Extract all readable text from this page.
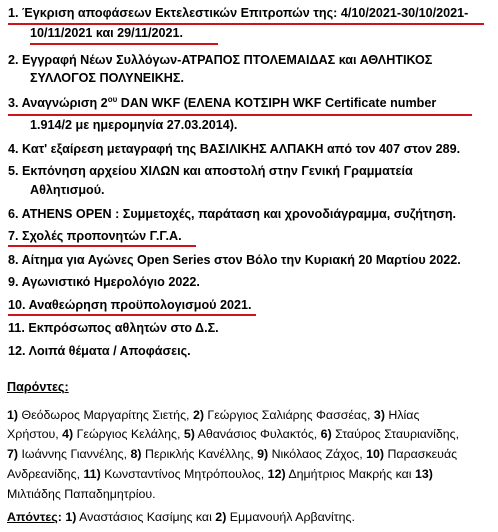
1. Έγκριση αποφάσεων Εκτελεστικών Επιτροπών της: 4/10/2021-30/10/2021-
10/11/2021 και 29/11/2021.
2. Εγγραφή Νέων Συλλόγων-ΑΤΡΑΠΟΣ ΠΤΟΛΕΜΑΙΔΑΣ και ΑΘΛΗΤΙΚΟΣ
ΣΥΛΛΟΓΟΣ ΠΟΛΥΝΕΙΚΗΣ.
3. Αναγνώριση $2^{o\upsilon}$ DAN WKF (ΕΛΕΝΑ ΚΟΤΣΙΡΗ WKF Certificate number
1.914/2 με ημερομηνία 27.03.2014).
4. Κατ' εξαίρεση μεταγραφή της ΒΑΣΙΛΙΚΗΣ ΑΛΠΑΚΗ από τον 407 στον 289.
5. Εκπόνηση αρχείου ΧΙΛΩΝ και αποστολή στην Γενική Γραμματεία
Αθλητισμού.
6. ATHENS OPEN : Συμμετοχές, παράταση και χρονοδιάγραμμα, συζήτηση.
7. Σχολές προπονητών Γ.Γ.Α.
8. Αίτημα για Αγώνες Open Series στον Βόλο την Κυριακή 20 Μαρτίου 2022.
9. Αγωνιστικό Ημερολόγιο 2022.
10. Αναθεώρηση προϋπολογισμού 2021.
11. Εκπρόσωπος αθλητών στο Δ.Σ.
12. Λοιπά θέματα / Αποφάσεις.
Παρόντες:
1) Θεόδωρος Μαργαρίτης Σιετής, 2) Γεώργιος Σαλιάρης Φασσέας, 3) Ηλίας
Χρήστου, 4) Γεώργιος Κελάλης, 5) Αθανάσιος Φυλακτός, 6) Σταύρος Σταυριανίδης,
7) Ιωάννης Γιαννέλης, 8) Περικλής Κανέλλης, 9) Νικόλαος Ζάχος, 10) Παρασκευάς
Ανδρεανίδης, 11) Κωνσταντίνος Μητρόπουλος, 12) Δημήτριος Μακρής και 13)
Μιλτιάδης Παπαδημητρίου.
Απόντες: 1) Αναστάσιος Κασίμης και 2) Εμμανουήλ Αρβανίτης.
